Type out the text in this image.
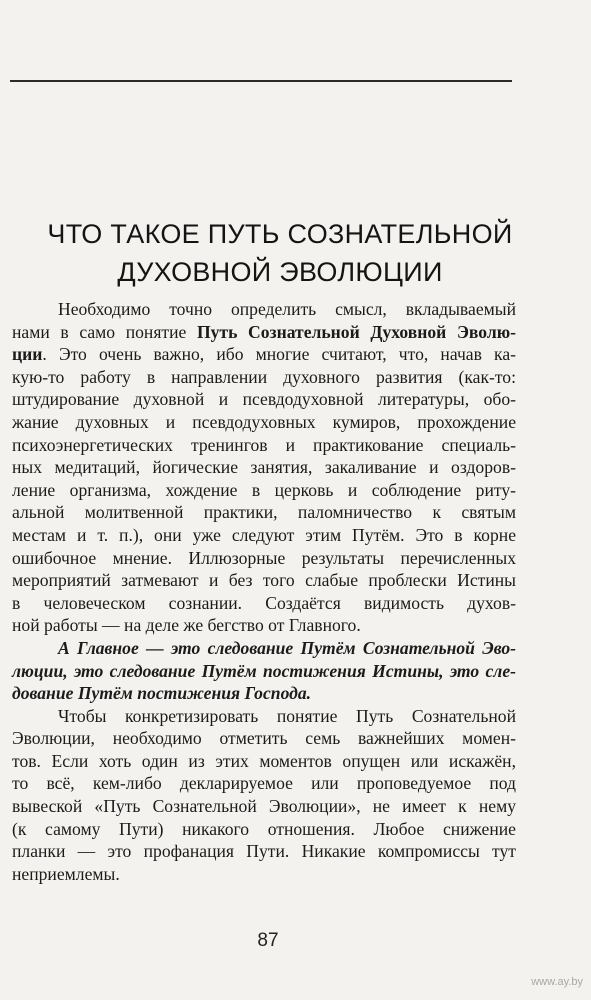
ЧТО ТАКОЕ ПУТЬ СОЗНАТЕЛЬНОЙ
ДУХОВНОЙ ЭВОЛЮЦИИ
Необходимо точно определить смысл, вкладываемый
нами в само понятие Путь Сознательной Духовной Эволю-
ции. Это очень важно, ибо многие считают, что, начав ка-
кую-то работу в направлении духовного развития (как-то:
штудирование духовной и псевдодуховной литературы, обо-
жание духовных и псевдодуховных кумиров, прохождение
психоэнергетических тренингов и практикование специаль-
ных медитаций, йогические занятия, закаливание и оздоров-
ление организма, хождение в церковь и соблюдение риту-
альной молитвенной практики, паломничество к святым
местам и т. п.), они уже следуют этим Путём. Это в корне
ошибочное мнение. Иллюзорные результаты перечисленных
мероприятий затмевают и без того слабые проблески Истины
в человеческом сознании. Создаётся видимость духов-
ной работы — на деле же бегство от Главного.
А Главное — это следование Путём Сознательной Эво-
люции, это следование Путём постижения Истины, это сле-
дование Путём постижения Господа.
Чтобы конкретизировать понятие Путь Сознательной
Эволюции, необходимо отметить семь важнейших момен-
тов. Если хоть один из этих моментов опущен или искажён,
то всё, кем-либо декларируемое или проповедуемое под
вывеской «Путь Сознательной Эволюции», не имеет к нему
(к самому Пути) никакого отношения. Любое снижение
планки — это профанация Пути. Никакие компромиссы тут
неприемлемы.
87
www.ay.by
